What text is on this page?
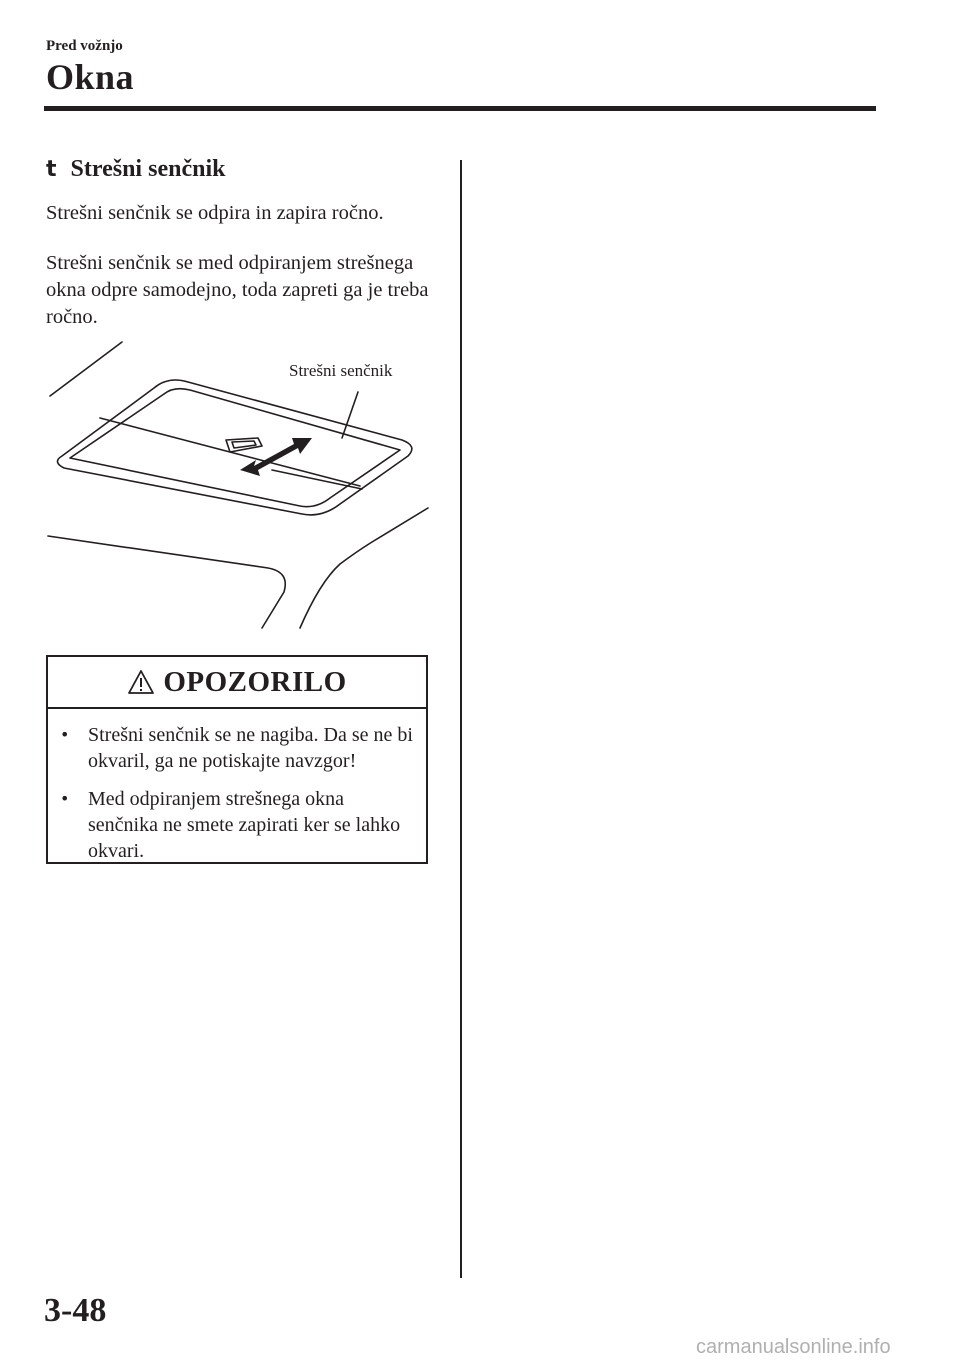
Pred vožnjo
Okna
t Strešni senčnik
Strešni senčnik se odpira in zapira ročno.
Strešni senčnik se med odpiranjem strešnega okna odpre samodejno, toda zapreti ga je treba ročno.
Strešni senčnik
OPOZORILO
• Strešni senčnik se ne nagiba. Da se ne bi okvaril, ga ne potiskajte navzgor!
• Med odpiranjem strešnega okna senčnika ne smete zapirati ker se lahko okvari.
3-48
carmanualsonline.info
